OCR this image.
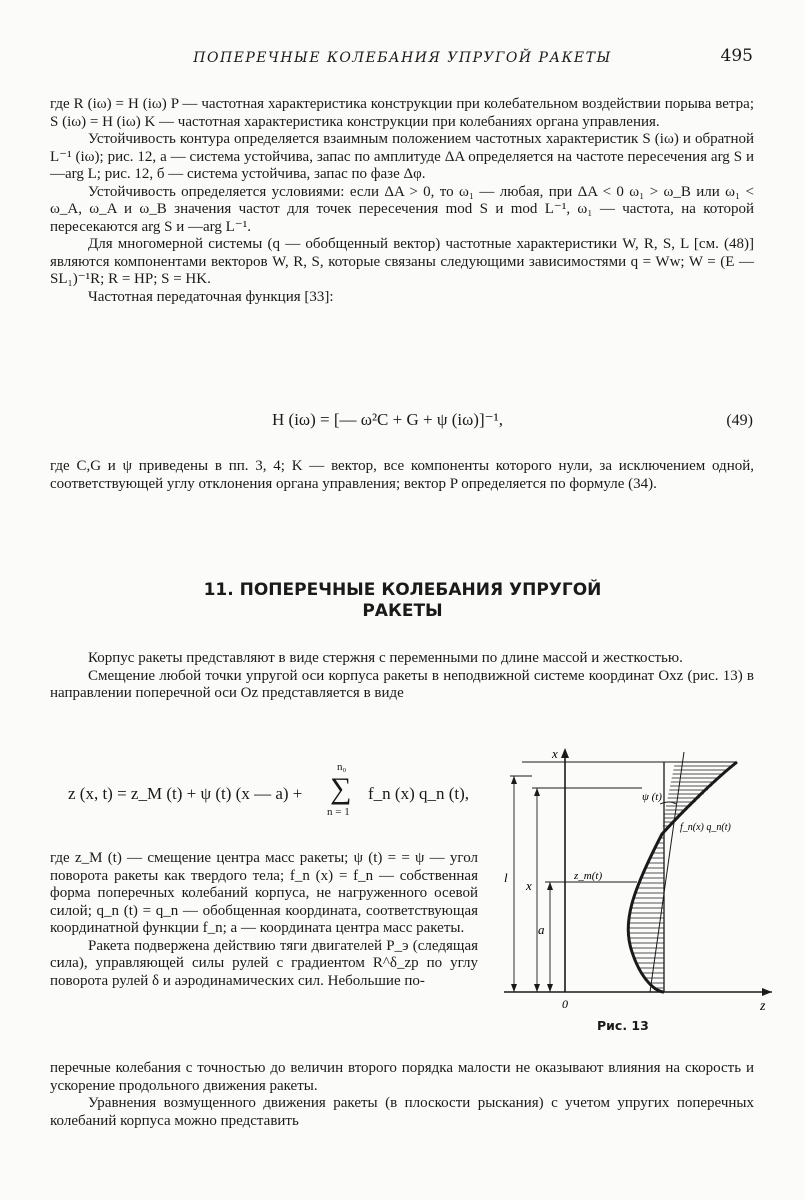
ПОПЕРЕЧНЫЕ КОЛЕБАНИЯ УПРУГОЙ РАКЕТЫ	495

где R (iω) = H (iω) P — частотная характеристика конструкции при колебательном воздействии порыва ветра; S (iω) = H (iω) K — частотная характеристика конструкции при колебаниях органа управления.

Устойчивость контура определяется взаимным положением частотных характеристик S (iω) и обратной L⁻¹ (iω); рис. 12, a — система устойчива, запас по амплитуде ΔA определяется на частоте пересечения arg S и —arg L; рис. 12, б — система устойчива, запас по фазе Δφ.

Устойчивость определяется условиями: если ΔA > 0, то ω₁ — любая, при ΔA < 0 ω₁ > ω_B или ω₁ < ω_A, ω_A и ω_B значения частот для точек пересечения mod S и mod L⁻¹, ω₁ — частота, на которой пересекаются arg S и —arg L⁻¹.

Для многомерной системы (q — обобщенный вектор) частотные характеристики W, R, S, L [см. (48)] являются компонентами векторов W, R, S, которые связаны следующими зависимостями q = Ww; W = (E — SL₁)⁻¹R; R = HP; S = HK.

Частотная передаточная функция [33]:

H (iω) = [— ω²C + G + ψ (iω)]⁻¹,	(49)

где C,G и ψ приведены в пп. 3, 4; K — вектор, все компоненты которого нули, за исключением одной, соответствующей углу отклонения органа управления; вектор P определяется по формуле (34).

11. ПОПЕРЕЧНЫЕ КОЛЕБАНИЯ УПРУГОЙ
РАКЕТЫ

Корпус ракеты представляют в виде стержня с переменными по длине массой и жесткостью.

Смещение любой точки упругой оси корпуса ракеты в неподвижной системе координат Oxz (рис. 13) в направлении поперечной оси Oz представляется в виде

z (x, t) = z_M (t) + ψ (t) (x — a) +
n₀
∑
n = 1
f_n (x) q_n (t),

где z_M (t) — смещение центра масс ракеты; ψ (t) = = ψ — угол поворота ракеты как твердого тела; f_n (x) = f_n — собственная форма поперечных колебаний корпуса, не нагруженного осевой силой; q_n (t) = q_n — обобщенная координата, соответствующая координатной функции f_n; a — координата центра масс ракеты.

Ракета подвержена действию тяги двигателей P_э (следящая сила), управляющей силы рулей с градиентом R^δ_zp по углу поворота рулей δ и аэродинамических сил. Небольшие по-

x
z
0
l
x
a
ψ (t)
z_m(t)
f_n(x) q_n(t)
Рис. 13

перечные колебания с точностью до величин второго порядка малости не оказывают влияния на скорость и ускорение продольного движения ракеты.

Уравнения возмущенного движения ракеты (в плоскости рыскания) с учетом упругих поперечных колебаний корпуса можно представить
